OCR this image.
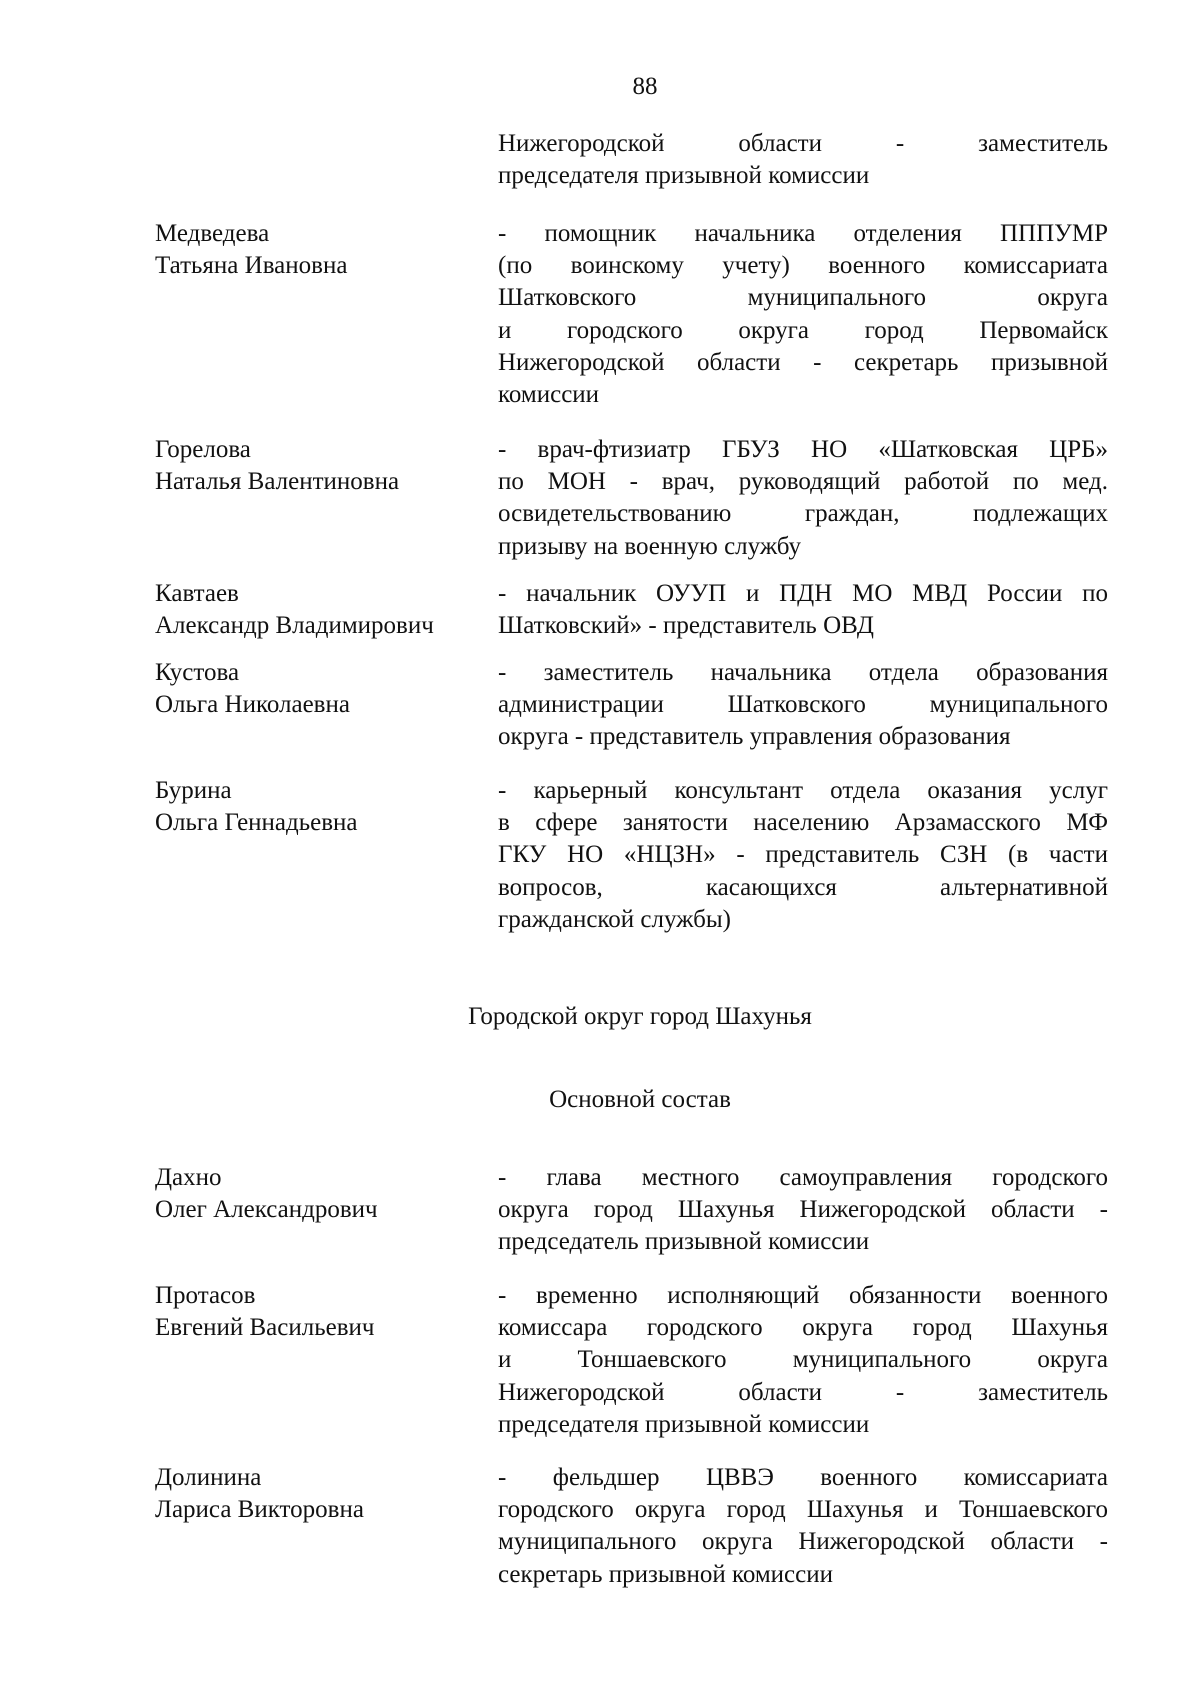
88
Нижегородской области - заместитель
председателя призывной комиссии
Медведева
Татьяна Ивановна
- помощник начальника отделения ПППУМР
(по воинскому учету) военного комиссариата
Шатковского муниципального округа
и городского округа город Первомайск
Нижегородской области - секретарь призывной
комиссии
Горелова
Наталья Валентиновна
- врач-фтизиатр ГБУЗ НО «Шатковская ЦРБ»
по МОН - врач, руководящий работой по мед.
освидетельствованию граждан, подлежащих
призыву на военную службу
Кавтаев
Александр Владимирович
- начальник ОУУП и ПДН МО МВД России по
Шатковский» - представитель ОВД
Кустова
Ольга Николаевна
- заместитель начальника отдела образования
администрации Шатковского муниципального
округа - представитель управления образования
Бурина
Ольга Геннадьевна
- карьерный консультант отдела оказания услуг
в сфере занятости населению Арзамасского МФ
ГКУ НО «НЦЗН» - представитель СЗН (в части
вопросов, касающихся альтернативной
гражданской службы)
Городской округ город Шахунья
Основной состав
Дахно
Олег Александрович
- глава местного самоуправления городского
округа город Шахунья Нижегородской области -
председатель призывной комиссии
Протасов
Евгений Васильевич
- временно исполняющий обязанности военного
комиссара городского округа город Шахунья
и Тоншаевского муниципального округа
Нижегородской области - заместитель
председателя призывной комиссии
Долинина
Лариса Викторовна
- фельдшер ЦВВЭ военного комиссариата
городского округа город Шахунья и Тоншаевского
муниципального округа Нижегородской области -
секретарь призывной комиссии
